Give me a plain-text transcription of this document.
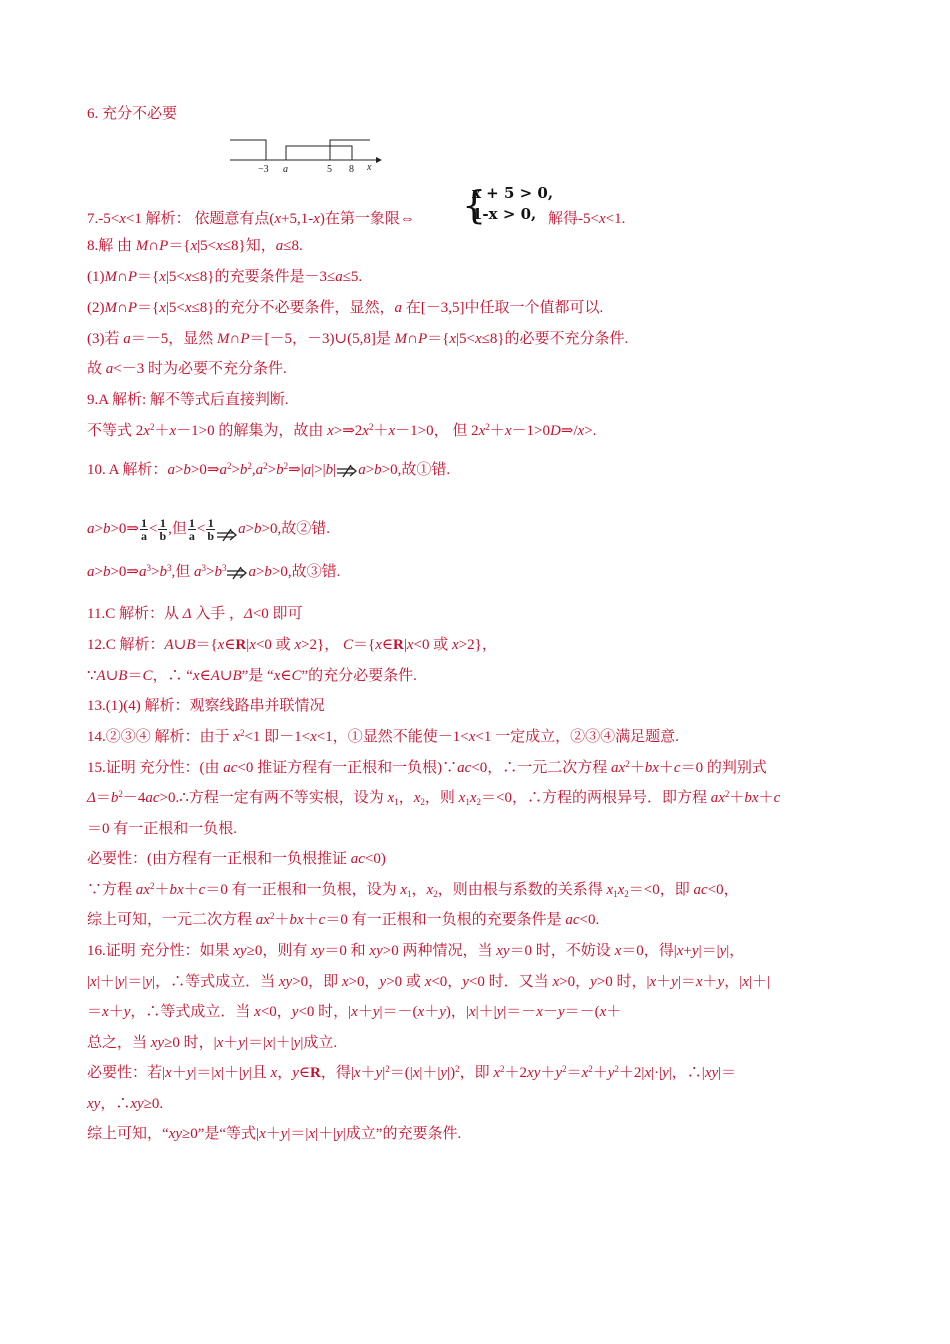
6. 充分不必要
−3 a	5 8 x
7.-5<x<1 解析： 依题意有点(x+5,1-x)在第一象限⇔ {
x + 5 > 0,
1-x > 0, 解得-5<x<1.
8.解 由 M∩P＝{x|5<x≤8}知，a≤8.
(1)M∩P＝{x|5<x≤8}的充要条件是－3≤a≤5.
(2)M∩P＝{x|5<x≤8}的充分不必要条件，显然，a 在[－3,5]中任取一个值都可以.
(3)若 a＝－5，显然 M∩P＝[－5，－3)∪(5,8]是 M∩P＝{x|5<x≤8}的必要不充分条件.
故 a<－3 时为必要不充分条件.
9.A 解析: 解不等式后直接判断.
不等式 $2x^2+x-1>0$ 的解集为，故由 $x>\Rightarrow 2x^2+x-1>0$， 但 $2x^2+x-1>0D\Rightarrow/x>$.
10. A 解析：$a>b>0\Rightarrow a^2>b^2,a^2>b^2\Rightarrow|a|>|b|$ a>b>0,故①错.
a>b>0⇒ $\frac{1}{a} < \frac{1}{b}$ ,但 $\frac{1}{a} < \frac{1}{b} a>b>0$,故②错.
$a>b>0\Rightarrow a^3>b^3$,但 $a^3>b^3$ a>b>0,故③错.
11.C 解析：从 Δ 入手 ，Δ<0 即可
12.C 解析：A∪B＝{x∈R|x<0 或 x>2}， C＝{x∈R|x<0 或 x>2}，
∵A∪B＝C，∴ “x∈A∪B”是 “x∈C”的充分必要条件.
13.(1)(4) 解析：观察线路串并联情况
14.②③④ 解析：由于 $x^2<1$ 即－1<x<1，①显然不能使－1<x<1 一定成立，②③④满足题意.
15.证明 充分性：(由 ac<0 推证方程有一正根和一负根)∵ac<0，∴一元二次方程 $ax^2+bx+c=0$ 的判别式
$\Delta=b^2-4ac>0.\therefore$方程一定有两不等实根，设为 $x_1$，$x_2$，则 $x_1x_2=<0$，∴方程的两根异号．即方程 $ax^2+bx+c$
＝0 有一正根和一负根.
必要性：(由方程有一正根和一负根推证 ac<0)
∵方程 $ax^2+bx+c=0$ 有一正根和一负根，设为 $x_1$，$x_2$，则由根与系数的关系得 $x_1x_2=<0$，即 ac<0，
综上可知，一元二次方程 $ax^2+bx+c=0$ 有一正根和一负根的充要条件是 ac<0.
16.证明 充分性：如果 xy≥0，则有 xy＝0 和 xy>0 两种情况，当 xy＝0 时，不妨设 x＝0，得|x+y|＝|y|，
|x|＋|y|＝|y|，∴等式成立．当 xy>0，即 x>0，y>0 或 x<0，y<0 时．又当 x>0，y>0 时，|x＋y|＝x＋y，|x|＋|
＝x＋y，∴等式成立．当 x<0，y<0 时，|x＋y|＝－(x＋y)，|x|＋|y|＝－x－y＝－(x＋
总之，当 xy≥0 时，|x＋y|＝|x|＋|y|成立.
必要性：若|x＋y|＝|x|＋|y|且 x，y∈R，得$|x+y|^2=(|x|+|y|)^2$，即 $x^2+2xy+y^2=x^2+y^2+2|x|\cdot|y|$，∴|xy|＝
xy，∴xy≥0.
综上可知，“xy≥0”是“等式|x＋y|＝|x|＋|y|成立”的充要条件.
